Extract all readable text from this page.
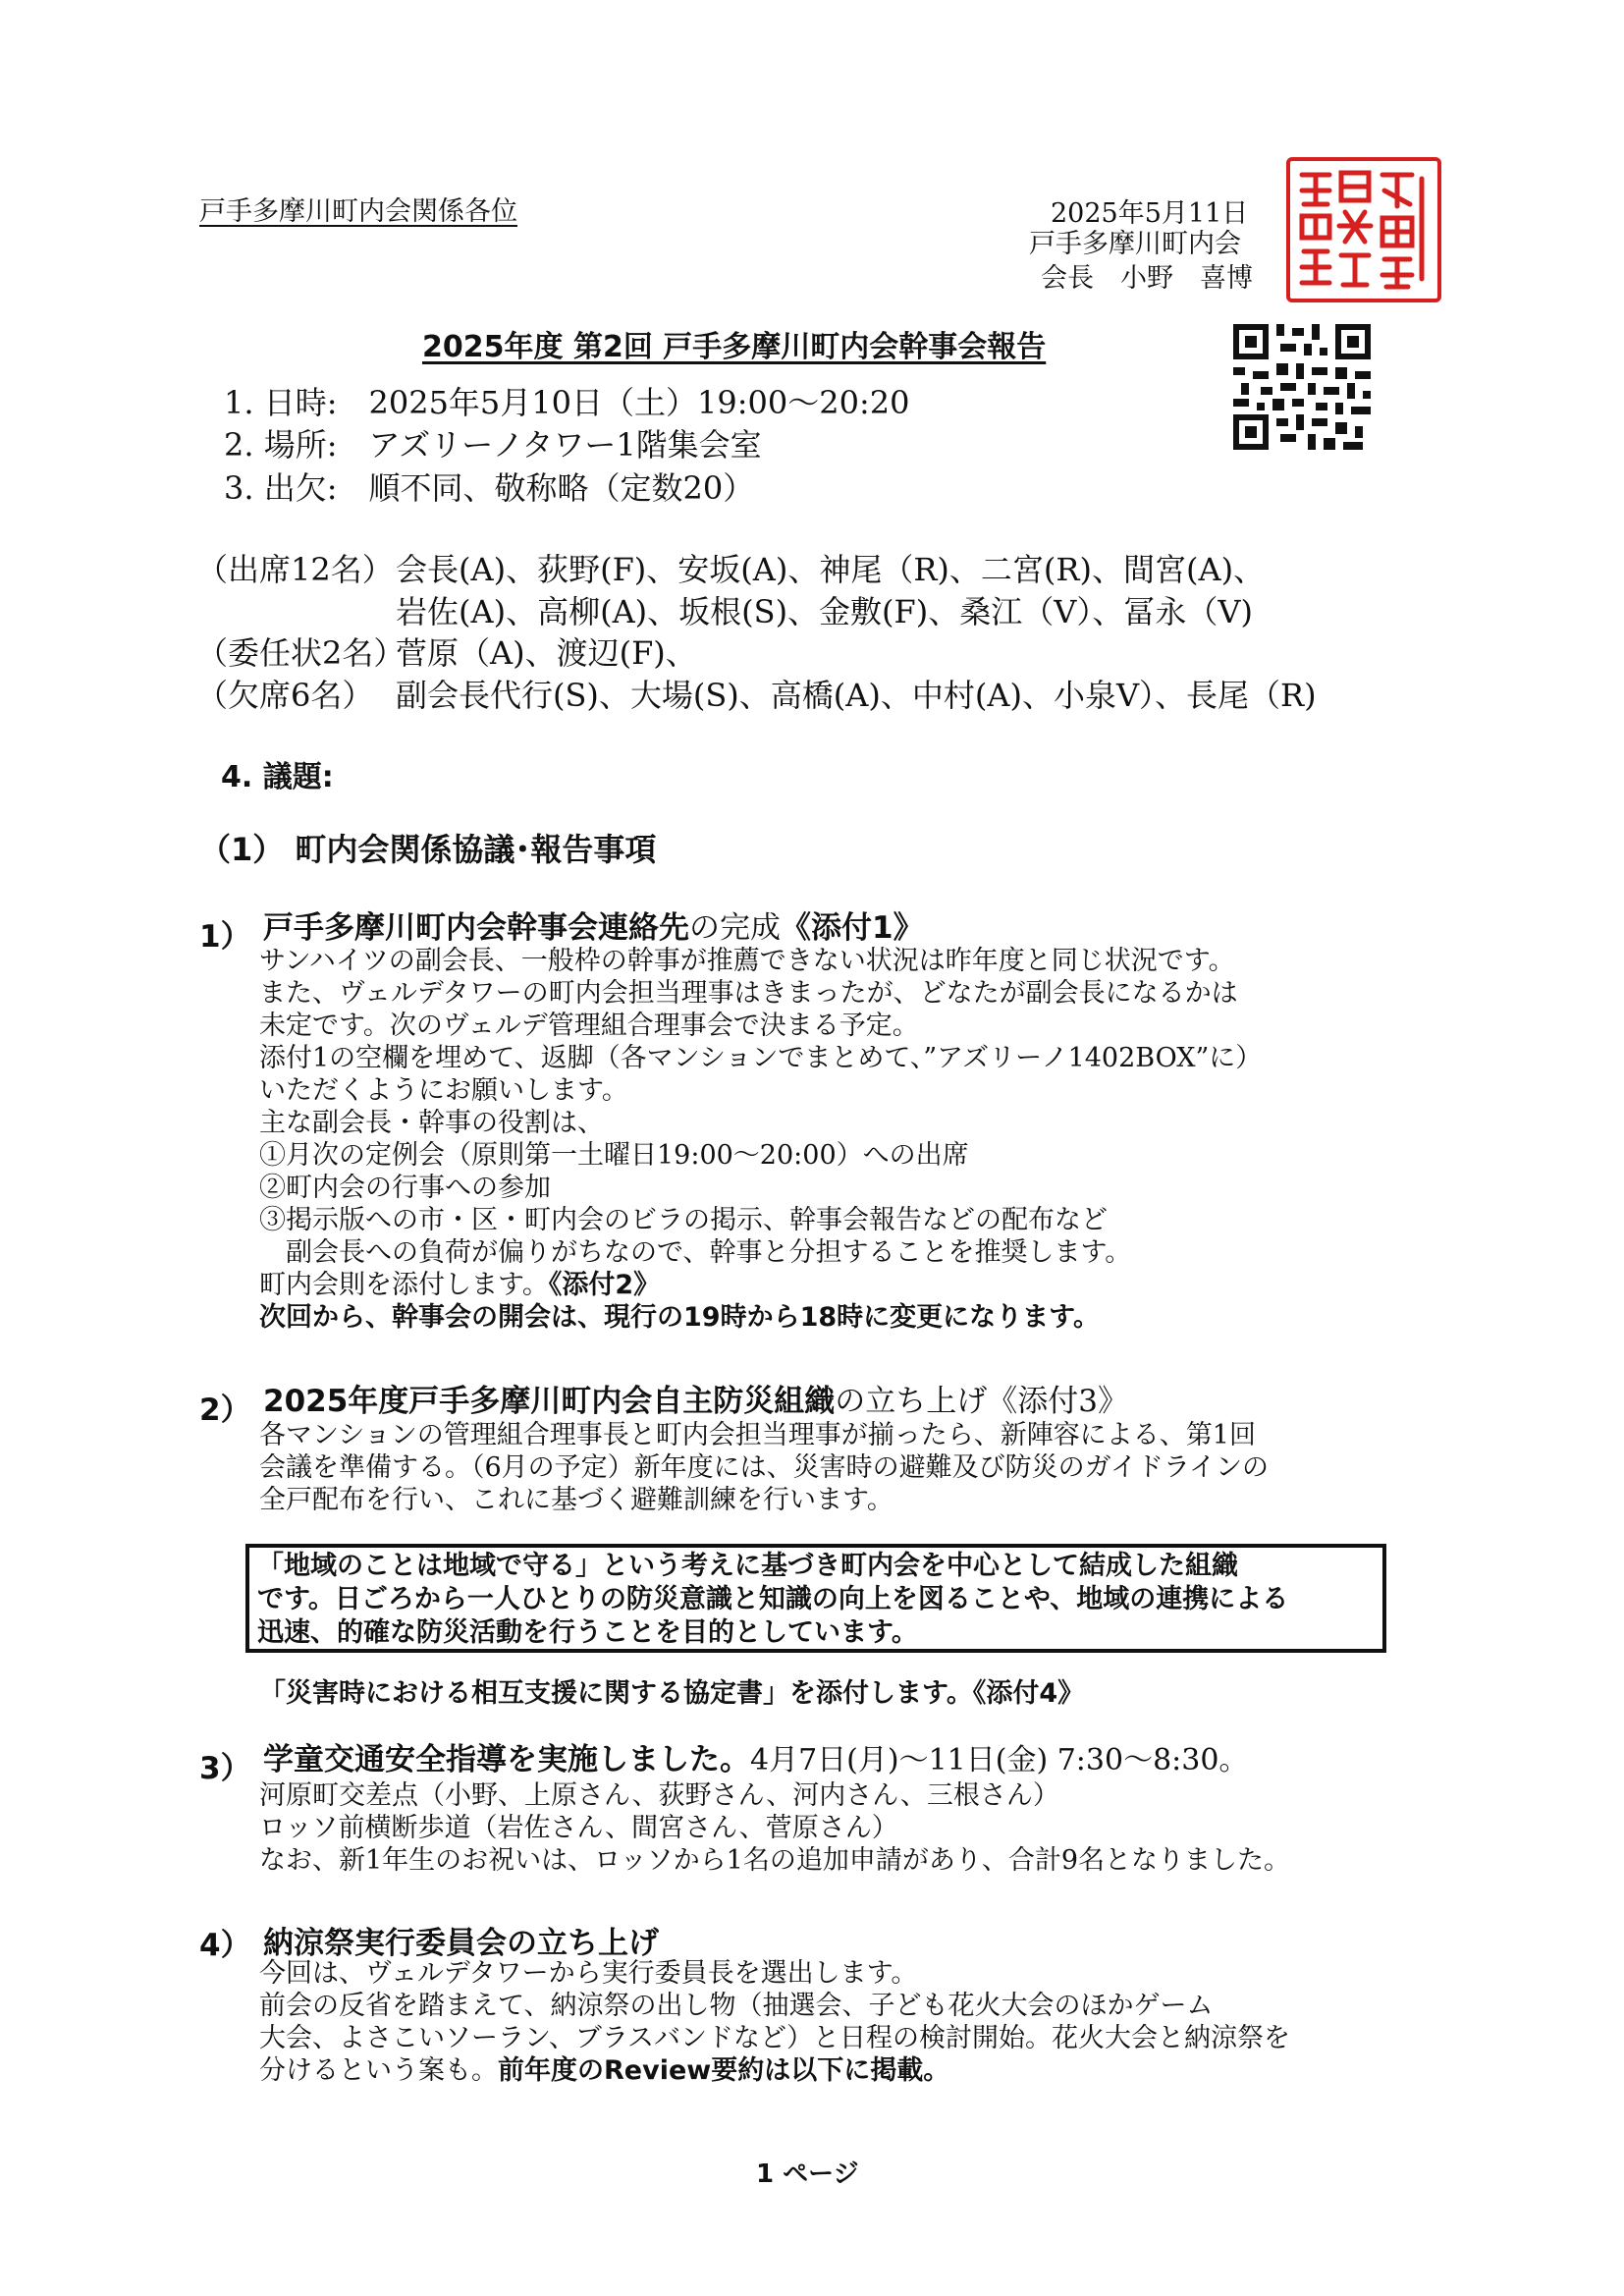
戸手多摩川町内会関係各位	2025年5月11日
戸手多摩川町内会
会長　小野　喜博
2025年度 第2回 戸手多摩川町内会幹事会報告
1. 日時:　2025年5月10日（土）19:00～20:20
2. 場所:　アズリーノタワー1階集会室
3. 出欠:　順不同、敬称略（定数20）
（出席12名） 会長(A)、荻野(F)、安坂(A)、神尾（R)、二宮(R)、間宮(A)、
岩佐(A)、高柳(A)、坂根(S)、金敷(F)、桑江（V）、冨永（V)
（委任状2名）
菅原（A)、渡辺(F)、
（欠席6名） 副会長代行(S)、大場(S)、高橋(A)、中村(A)、小泉V）、長尾（R)
4. 議題:
（1） 町内会関係協議･報告事項
1） 戸手多摩川町内会幹事会連絡先の完成《添付1》
サンハイツの副会長、一般枠の幹事が推薦できない状況は昨年度と同じ状況です。
また、ヴェルデタワーの町内会担当理事はきまったが、どなたが副会長になるかは
未定です。次のヴェルデ管理組合理事会で決まる予定。
添付1の空欄を埋めて、返脚（各マンションでまとめて、”アズリーノ1402BOX”に）
いただくようにお願いします。
主な副会長・幹事の役割は、
①月次の定例会（原則第一土曜日19:00～20:00）への出席
②町内会の行事への参加
③掲示版への市・区・町内会のビラの掲示、幹事会報告などの配布など
　副会長への負荷が偏りがちなので、幹事と分担することを推奨します。
町内会則を添付します。《添付2》
次回から、幹事会の開会は、現行の19時から18時に変更になります。
2） 2025年度戸手多摩川町内会自主防災組織の立ち上げ《添付3》
各マンションの管理組合理事長と町内会担当理事が揃ったら、新陣容による、第1回
会議を準備する。（6月の予定）新年度には、災害時の避難及び防災のガイドラインの
全戸配布を行い、これに基づく避難訓練を行います。
「地域のことは地域で守る」という考えに基づき町内会を中心として結成した組織
です。日ごろから一人ひとりの防災意識と知識の向上を図ることや、地域の連携による
迅速、的確な防災活動を行うことを目的としています。
「災害時における相互支援に関する協定書」を添付します。《添付4》
3） 学童交通安全指導を実施しました。4月7日(月)～11日(金) 7:30～8:30。
河原町交差点（小野、上原さん、荻野さん、河内さん、三根さん）
ロッソ前横断歩道（岩佐さん、間宮さん、菅原さん）
なお、新1年生のお祝いは、ロッソから1名の追加申請があり、合計9名となりました。
4） 納涼祭実行委員会の立ち上げ
今回は、ヴェルデタワーから実行委員長を選出します。
前会の反省を踏まえて、納涼祭の出し物（抽選会、子ども花火大会のほかゲーム
大会、よさこいソーラン、ブラスバンドなど）と日程の検討開始。花火大会と納涼祭を
分けるという案も。前年度のReview要約は以下に掲載。
1 ページ
